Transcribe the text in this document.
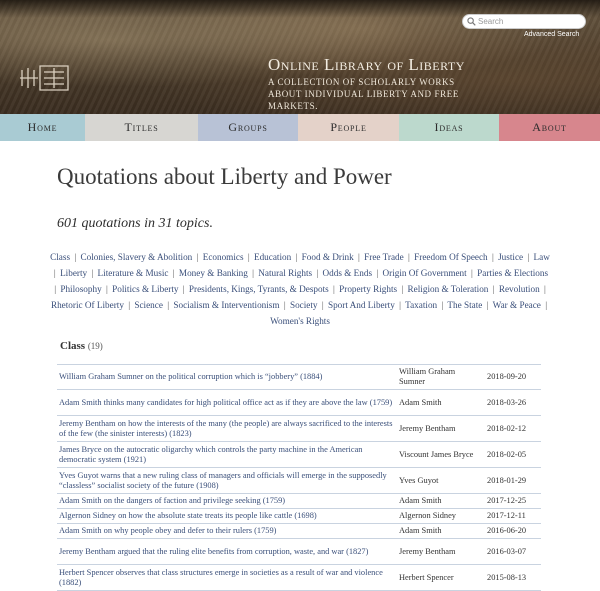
Online Library of Liberty
A COLLECTION OF SCHOLARLY WORKS ABOUT INDIVIDUAL LIBERTY AND FREE MARKETS.
Search
Advanced Search
Home	Titles	Groups	People	Ideas	About
Quotations about Liberty and Power
601 quotations in 31 topics.
Class | Colonies, Slavery & Abolition | Economics | Education | Food & Drink | Free Trade | Freedom Of Speech | Justice | Law | Liberty | Literature & Music | Money & Banking | Natural Rights | Odds & Ends | Origin Of Government | Parties & Elections | Philosophy | Politics & Liberty | Presidents, Kings, Tyrants, & Despots | Property Rights | Religion & Toleration | Revolution | Rhetoric Of Liberty | Science | Socialism & Interventionism | Society | Sport And Liberty | Taxation | The State | War & Peace | Women's Rights
Class (19)
William Graham Sumner on the political corruption which is “jobbery” (1884)	William Graham Sumner	2018-09-20
Adam Smith thinks many candidates for high political office act as if they are above the law (1759)	Adam Smith	2018-03-26
Jeremy Bentham on how the interests of the many (the people) are always sacrificed to the interests of the few (the sinister interests) (1823)	Jeremy Bentham	2018-02-12
James Bryce on the autocratic oligarchy which controls the party machine in the American democratic system (1921)	Viscount James Bryce	2018-02-05
Yves Guyot warns that a new ruling class of managers and officials will emerge in the supposedly “classless” socialist society of the future (1908)	Yves Guyot	2018-01-29
Adam Smith on the dangers of faction and privilege seeking (1759)	Adam Smith	2017-12-25
Algernon Sidney on how the absolute state treats its people like cattle (1698)	Algernon Sidney	2017-12-11
Adam Smith on why people obey and defer to their rulers (1759)	Adam Smith	2016-06-20
Jeremy Bentham argued that the ruling elite benefits from corruption, waste, and war (1827)	Jeremy Bentham	2016-03-07
Herbert Spencer observes that class structures emerge in societies as a result of war and violence (1882)	Herbert Spencer	2015-08-13
